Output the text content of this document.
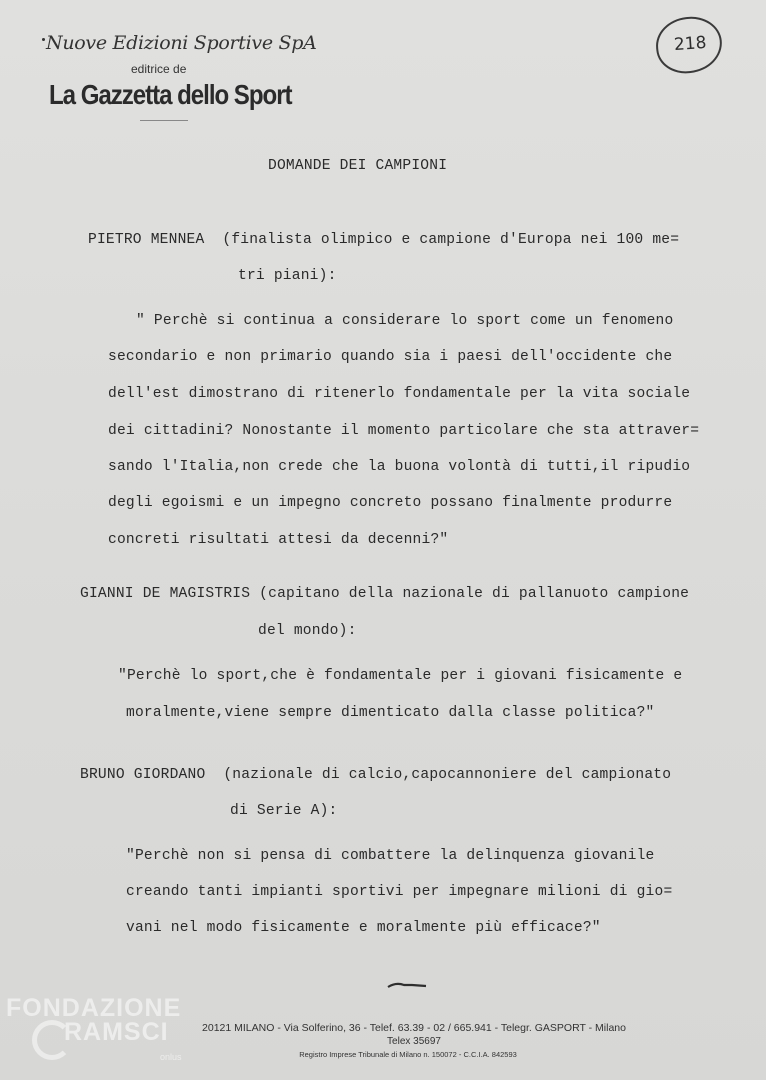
Nuove Edizioni Sportive SpA
editrice de
La Gazzetta dello Sport
218
DOMANDE DEI CAMPIONI
PIETRO MENNEA  (finalista olimpico e campione d'Europa nei 100 me=
tri piani):
" Perchè si continua a considerare lo sport come un fenomeno
secondario e non primario quando sia i paesi dell'occidente che
dell'est dimostrano di ritenerlo fondamentale per la vita sociale
dei cittadini? Nonostante il momento particolare che sta attraver=
sando l'Italia,non crede che la buona volontà di tutti,il ripudio
degli egoismi e un impegno concreto possano finalmente produrre
concreti risultati attesi da decenni?"
GIANNI DE MAGISTRIS (capitano della nazionale di pallanuoto campione
del mondo):
"Perchè lo sport,che è fondamentale per i giovani fisicamente e
moralmente,viene sempre dimenticato dalla classe politica?"
BRUNO GIORDANO  (nazionale di calcio,capocannoniere del campionato
di Serie A):
"Perchè non si pensa di combattere la delinquenza giovanile
creando tanti impianti sportivi per impegnare milioni di gio=
vani nel modo fisicamente e moralmente più efficace?"
FONDAZIONE
RAMSCI
onlus
20121 MILANO - Via Solferino, 36 - Telef. 63.39 - 02 / 665.941 - Telegr. GASPORT - Milano
Telex 35697
Registro Imprese Tribunale di Milano n. 150072 - C.C.I.A. 842593
